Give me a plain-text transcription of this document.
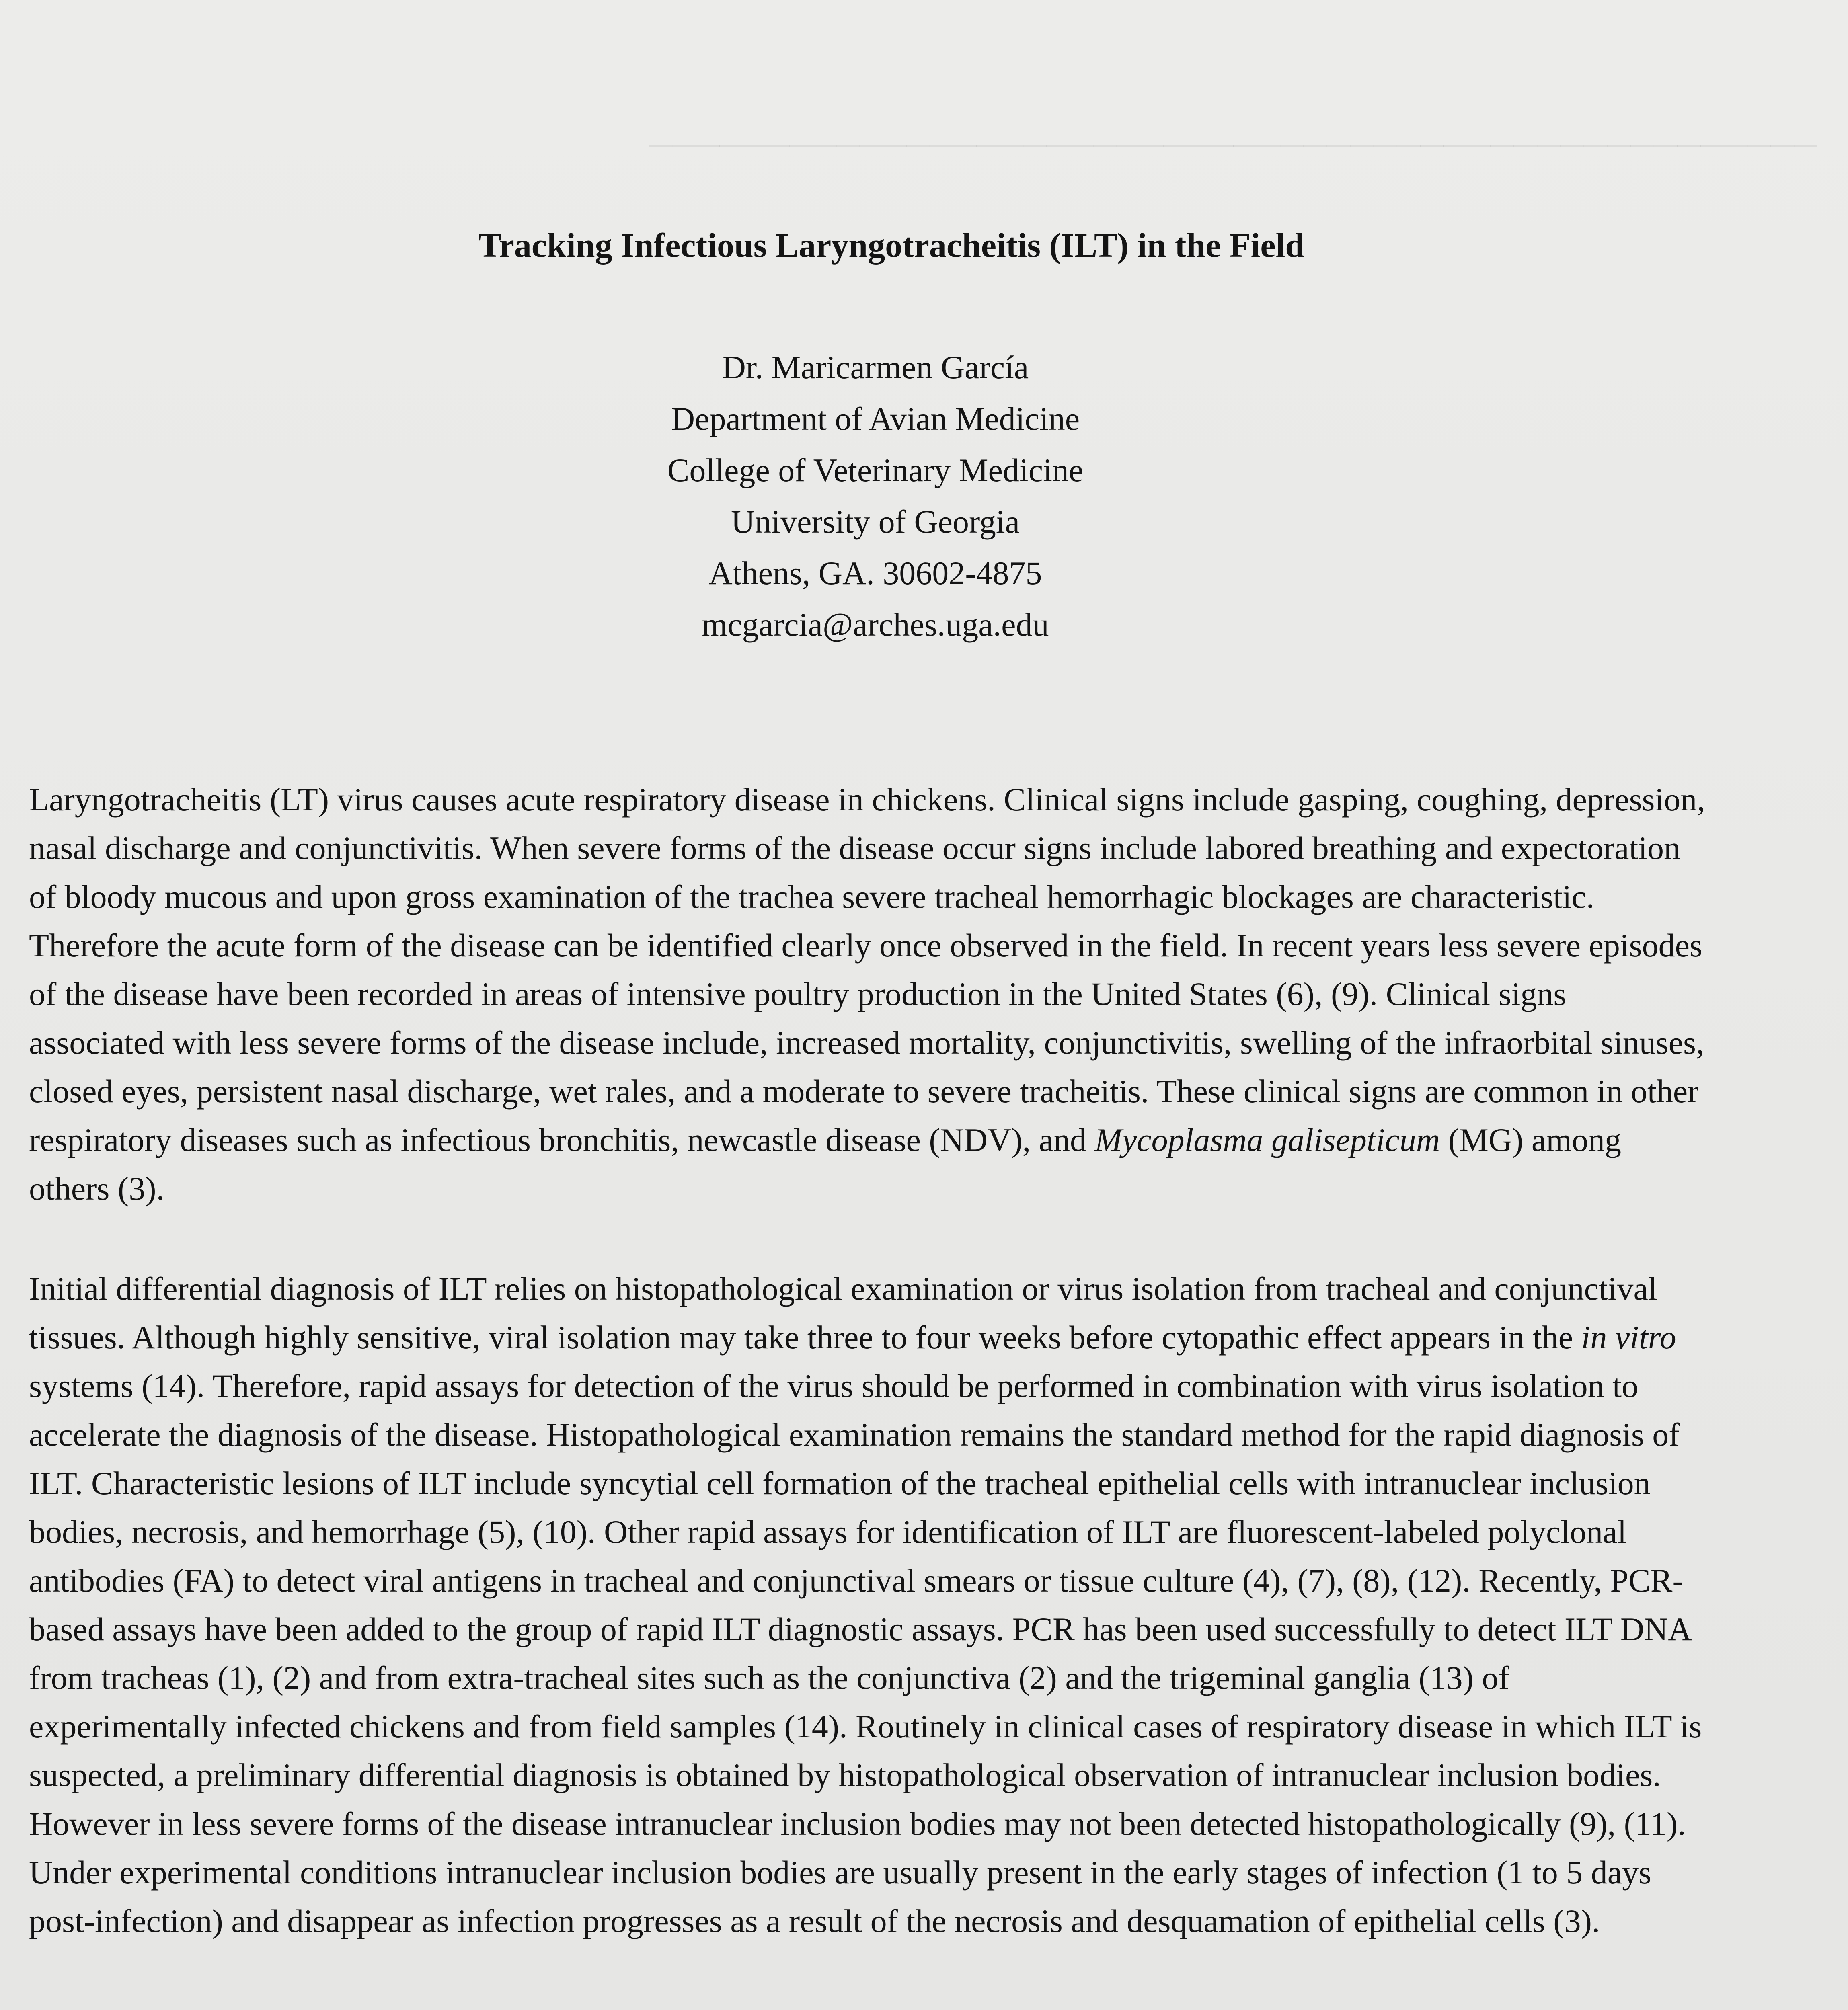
──────────────────────────────────────────────────

Tracking Infectious Laryngotracheitis (ILT) in the Field
Dr. Maricarmen García
Department of Avian Medicine
College of Veterinary Medicine
University of Georgia
Athens, GA. 30602-4875
mcgarcia@arches.uga.edu

Laryngotracheitis (LT) virus causes acute respiratory disease in chickens. Clinical signs include gasping, coughing, depression, nasal discharge and conjunctivitis. When severe forms of the disease occur signs include labored breathing and expectoration of bloody mucous and upon gross examination of the trachea severe tracheal hemorrhagic blockages are characteristic. Therefore the acute form of the disease can be identified clearly once observed in the field. In recent years less severe episodes of the disease have been recorded in areas of intensive poultry production in the United States (6), (9). Clinical signs associated with less severe forms of the disease include, increased mortality, conjunctivitis, swelling of the infraorbital sinuses, closed eyes, persistent nasal discharge, wet rales, and a moderate to severe tracheitis. These clinical signs are common in other respiratory diseases such as infectious bronchitis, newcastle disease (NDV), and Mycoplasma galisepticum (MG) among others (3).

Initial differential diagnosis of ILT relies on histopathological examination or virus isolation from tracheal and conjunctival tissues. Although highly sensitive, viral isolation may take three to four weeks before cytopathic effect appears in the in vitro systems (14). Therefore, rapid assays for detection of the virus should be performed in combination with virus isolation to accelerate the diagnosis of the disease. Histopathological examination remains the standard method for the rapid diagnosis of ILT. Characteristic lesions of ILT include syncytial cell formation of the tracheal epithelial cells with intranuclear inclusion bodies, necrosis, and hemorrhage (5), (10). Other rapid assays for identification of ILT are fluorescent-labeled polyclonal antibodies (FA) to detect viral antigens in tracheal and conjunctival smears or tissue culture (4), (7), (8), (12). Recently, PCR-based assays have been added to the group of rapid ILT diagnostic assays. PCR has been used successfully to detect ILT DNA from tracheas (1), (2) and from extra-tracheal sites such as the conjunctiva (2) and the trigeminal ganglia (13) of experimentally infected chickens and from field samples (14). Routinely in clinical cases of respiratory disease in which ILT is suspected, a preliminary differential diagnosis is obtained by histopathological observation of intranuclear inclusion bodies. However in less severe forms of the disease intranuclear inclusion bodies may not been detected histopathologically (9), (11). Under experimental conditions intranuclear inclusion bodies are usually present in the early stages of infection (1 to 5 days post-infection) and disappear as infection progresses as a result of the necrosis and desquamation of epithelial cells (3).
